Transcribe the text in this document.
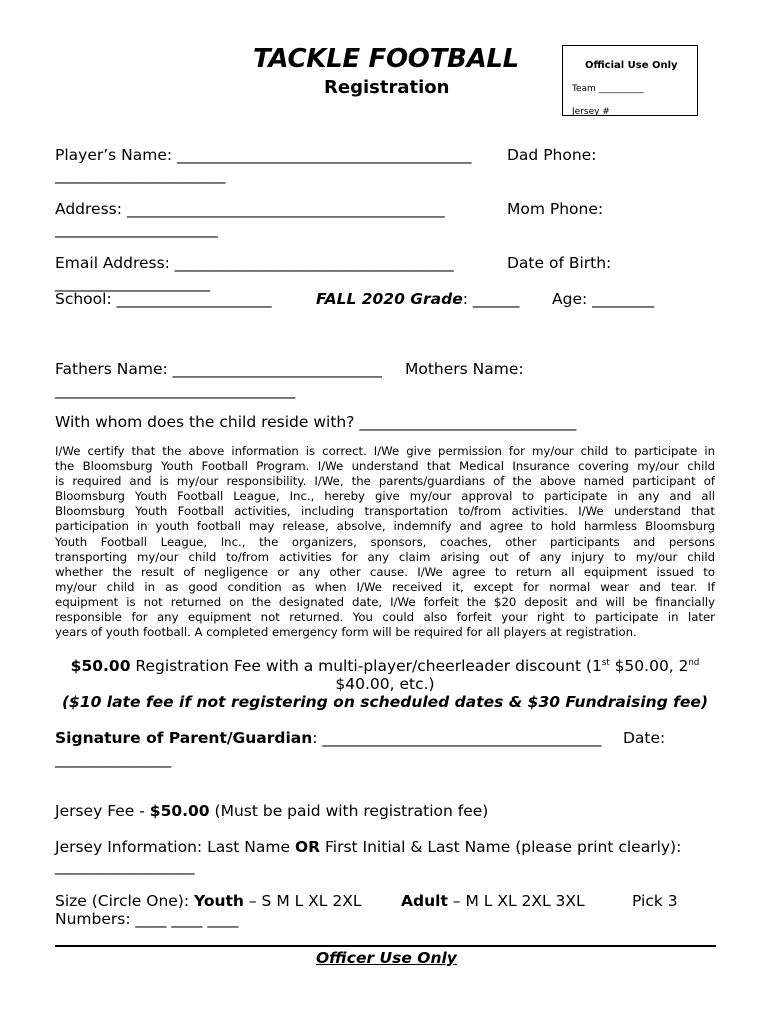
TACKLE FOOTBALL
Registration
Official Use Only
Team __________
Jersey #
Player’s Name: ______________________________________ Dad Phone:
______________________
Address: _________________________________________	Mom Phone:
_____________________
Email Address: ____________________________________	Date of Birth:
____________________
School: ____________________	FALL 2020 Grade: ______ Age: ________
Fathers Name: ___________________________ Mothers Name:
_______________________________
With whom does the child reside with? ____________________________
I/We certify that the above information is correct. I/We give permission for my/our child to participate in
the Bloomsburg Youth Football Program. I/We understand that Medical Insurance covering my/our child
is required and is my/our responsibility. I/We, the parents/guardians of the above named participant of
Bloomsburg Youth Football League, Inc., hereby give my/our approval to participate in any and all
Bloomsburg Youth Football activities, including transportation to/from activities. I/We understand that
participation in youth football may release, absolve, indemnify and agree to hold harmless Bloomsburg
Youth Football League, Inc., the organizers, sponsors, coaches, other participants and persons
transporting my/our child to/from activities for any claim arising out of any injury to my/our child
whether the result of negligence or any other cause. I/We agree to return all equipment issued to
my/our child in as good condition as when I/We received it, except for normal wear and tear. If
equipment is not returned on the designated date, I/We forfeit the $20 deposit and will be financially
responsible for any equipment not returned. You could also forfeit your right to participate in later
years of youth football. A completed emergency form will be required for all players at registration.
$50.00 Registration Fee with a multi-player/cheerleader discount (1st $50.00, 2nd
$40.00, etc.)
($10 late fee if not registering on scheduled dates & $30 Fundraising fee)
Signature of Parent/Guardian: ____________________________________ Date:
_______________
Jersey Fee - $50.00 (Must be paid with registration fee)
Jersey Information: Last Name OR First Initial & Last Name (please print clearly):
__________________
Size (Circle One): Youth – S M L XL 2XL	Adult – M L XL 2XL 3XL	Pick 3
Numbers: ____ ____ ____
Officer Use Only
